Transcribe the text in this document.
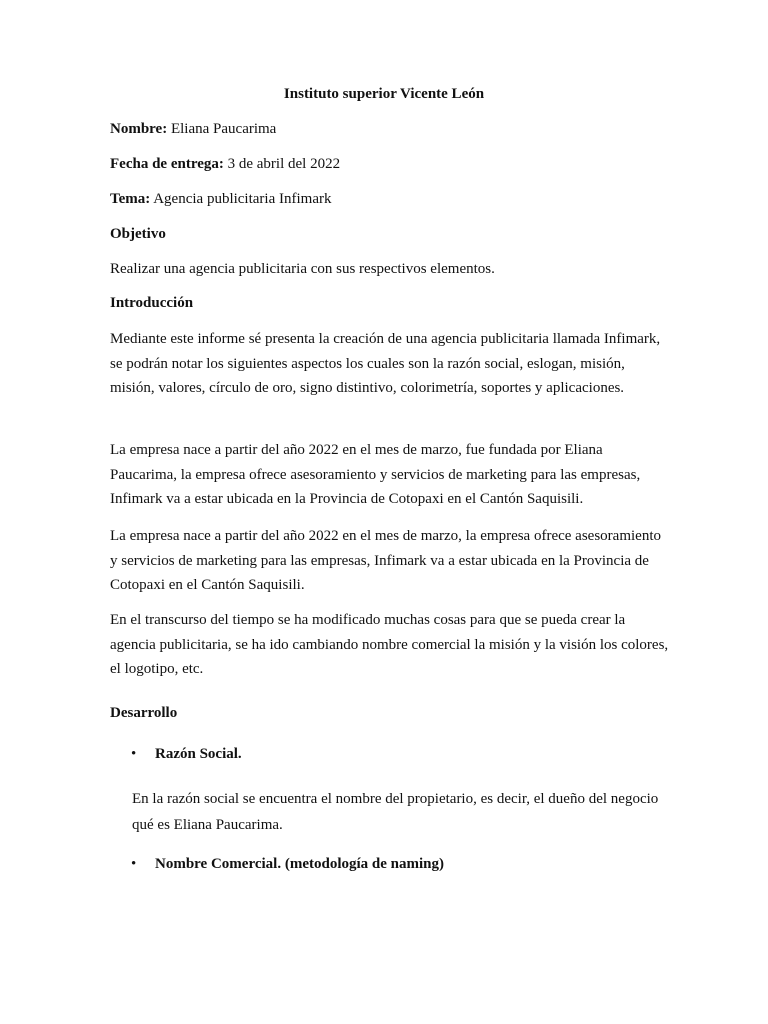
Instituto superior Vicente León
Nombre: Eliana Paucarima
Fecha de entrega: 3 de abril del 2022
Tema: Agencia publicitaria Infimark
Objetivo
Realizar una agencia publicitaria con sus respectivos elementos.
Introducción
Mediante este informe sé presenta la creación de una agencia publicitaria llamada Infimark, se podrán notar los siguientes aspectos los cuales son la razón social, eslogan, misión, misión, valores, círculo de oro, signo distintivo, colorimetría, soportes y aplicaciones.
La empresa nace a partir del año 2022 en el mes de marzo, fue fundada por Eliana Paucarima, la empresa ofrece asesoramiento y servicios de marketing para las empresas, Infimark va a estar ubicada en la Provincia de Cotopaxi en el Cantón Saquisili.
La empresa nace a partir del año 2022 en el mes de marzo, la empresa ofrece asesoramiento y servicios de marketing para las empresas, Infimark va a estar ubicada en la Provincia de Cotopaxi en el Cantón Saquisili.
En el transcurso del tiempo se ha modificado muchas cosas para que se pueda crear la agencia publicitaria, se ha ido cambiando nombre comercial la misión y la visión los colores, el logotipo, etc.
Desarrollo
• Razón Social.
En la razón social se encuentra el nombre del propietario, es decir, el dueño del negocio qué es Eliana Paucarima.
• Nombre Comercial. (metodología de naming)
